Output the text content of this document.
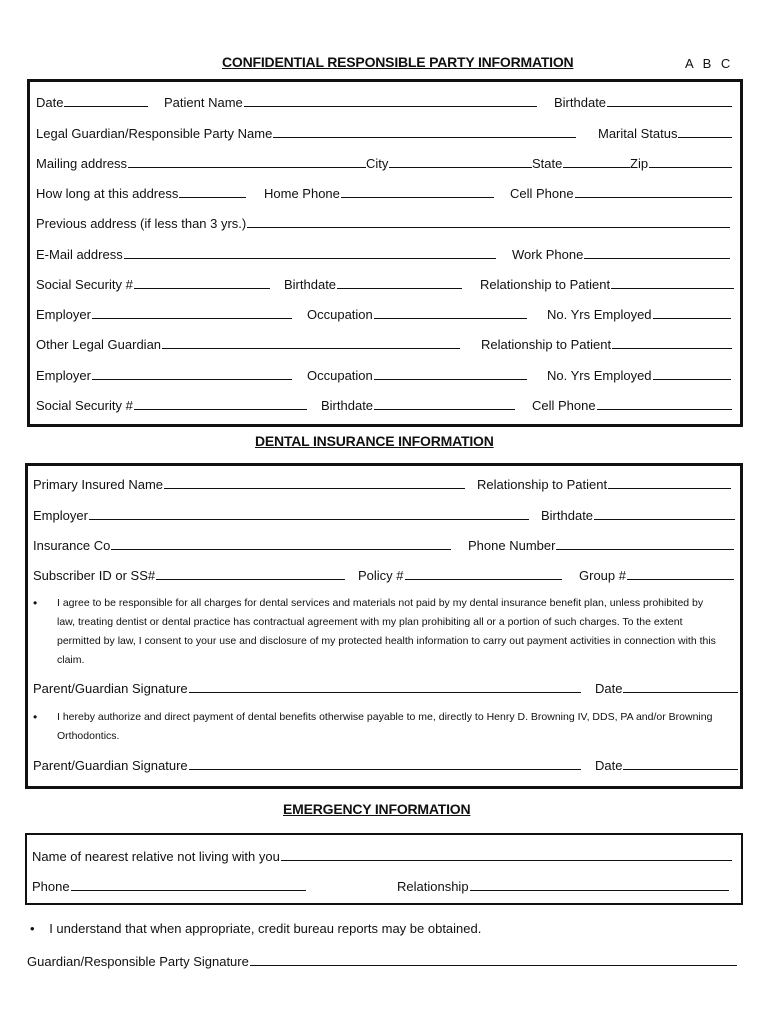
CONFIDENTIAL RESPONSIBLE PARTY INFORMATION	A B C
Date	Patient Name	Birthdate
Legal Guardian/Responsible Party Name	Marital Status
Mailing address	City	State	Zip
How long at this address	Home Phone	Cell Phone
Previous address (if less than 3 yrs.)
E-Mail address	Work Phone
Social Security #	Birthdate	Relationship to Patient
Employer	Occupation	No. Yrs Employed
Other Legal Guardian	Relationship to Patient
Employer	Occupation	No. Yrs Employed
Social Security #	Birthdate	Cell Phone
DENTAL INSURANCE INFORMATION
Primary Insured Name	Relationship to Patient
Employer	Birthdate
Insurance Co	Phone Number
Subscriber ID or SS#	Policy #	Group #
• I agree to be responsible for all charges for dental services and materials not paid by my dental insurance benefit plan, unless prohibited by law, treating dentist or dental practice has contractual agreement with my plan prohibiting all or a portion of such charges. To the extent permitted by law, I consent to your use and disclosure of my protected health information to carry out payment activities in connection with this claim.
Parent/Guardian Signature	Date
• I hereby authorize and direct payment of dental benefits otherwise payable to me, directly to Henry D. Browning IV, DDS, PA and/or Browning Orthodontics.
Parent/Guardian Signature	Date
EMERGENCY INFORMATION
Name of nearest relative not living with you
Phone	Relationship
• I understand that when appropriate, credit bureau reports may be obtained.
Guardian/Responsible Party Signature
